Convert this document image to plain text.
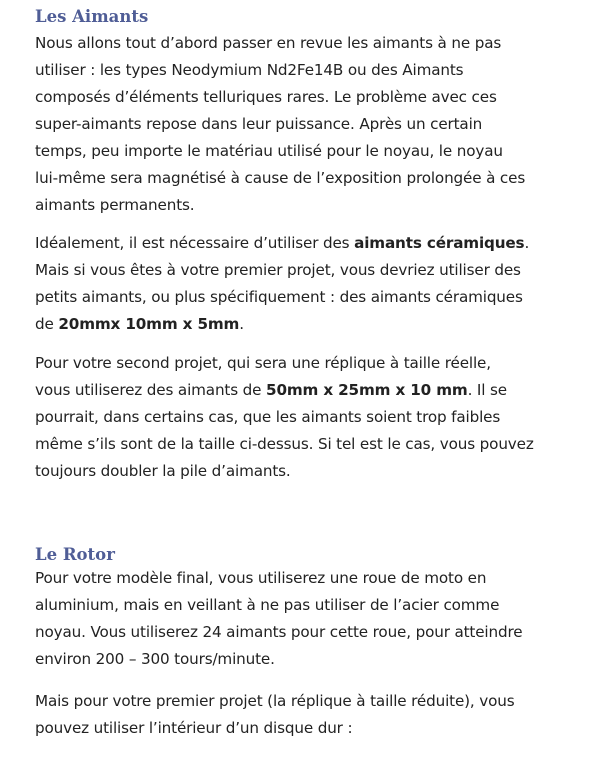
Les Aimants

Nous allons tout d’abord passer en revue les aimants à ne pas
utiliser : les types Neodymium Nd2Fe14B ou des Aimants
composés d’éléments telluriques rares. Le problème avec ces
super-aimants repose dans leur puissance. Après un certain
temps, peu importe le matériau utilisé pour le noyau, le noyau
lui-même sera magnétisé à cause de l’exposition prolongée à ces
aimants permanents.

Idéalement, il est nécessaire d’utiliser des aimants céramiques.
Mais si vous êtes à votre premier projet, vous devriez utiliser des
petits aimants, ou plus spécifiquement : des aimants céramiques
de 20mmx 10mm x 5mm.

Pour votre second projet, qui sera une réplique à taille réelle,
vous utiliserez des aimants de 50mm x 25mm x 10 mm. Il se
pourrait, dans certains cas, que les aimants soient trop faibles
même s’ils sont de la taille ci-dessus. Si tel est le cas, vous pouvez
toujours doubler la pile d’aimants.

Le Rotor

Pour votre modèle final, vous utiliserez une roue de moto en
aluminium, mais en veillant à ne pas utiliser de l’acier comme
noyau. Vous utiliserez 24 aimants pour cette roue, pour atteindre
environ 200 – 300 tours/minute.

Mais pour votre premier projet (la réplique à taille réduite), vous
pouvez utiliser l’intérieur d’un disque dur :
